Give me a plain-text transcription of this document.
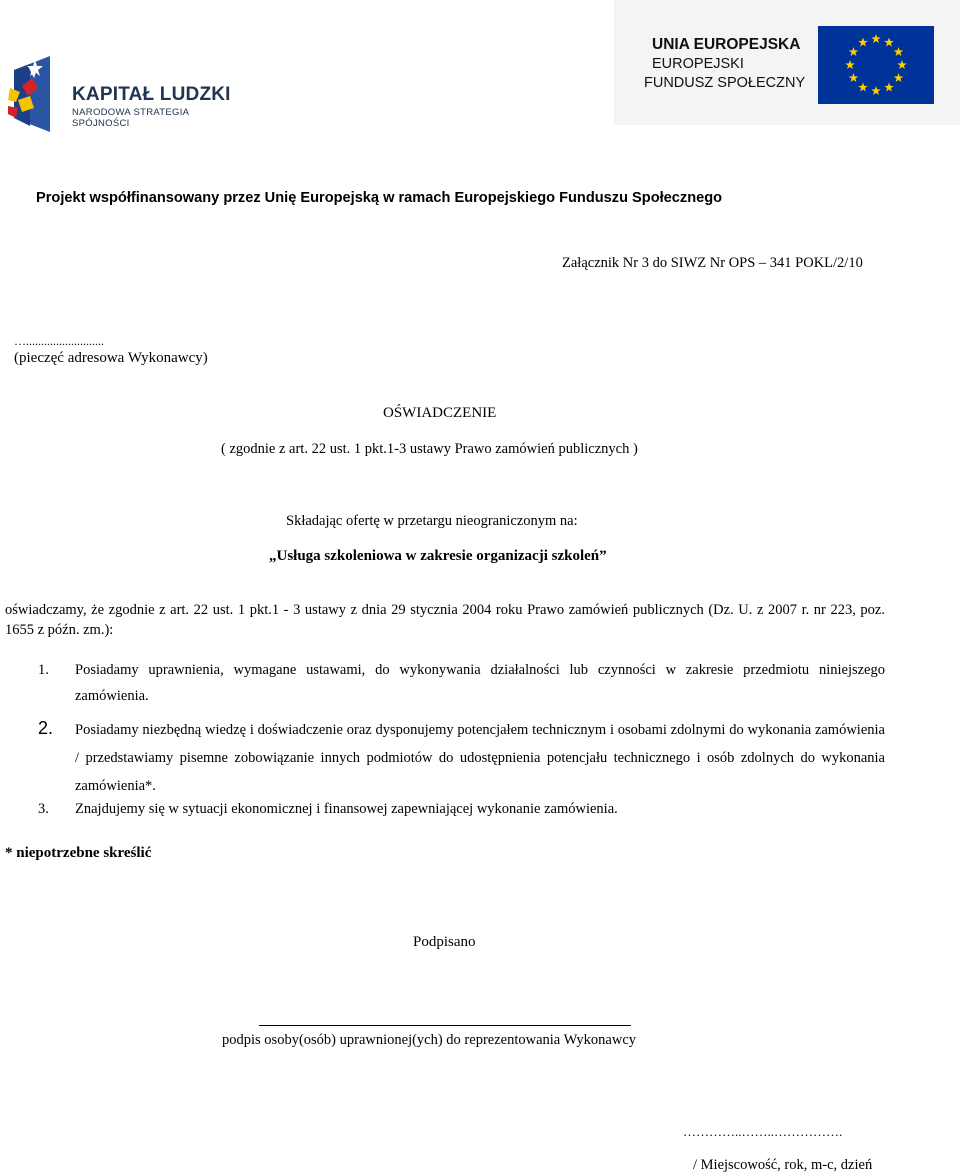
KAPITAŁ LUDZKI
NARODOWA STRATEGIA SPÓJNOŚCI
UNIA EUROPEJSKA
EUROPEJSKI
FUNDUSZ SPOŁECZNY
Projekt współfinansowany przez Unię Europejską w ramach Europejskiego Funduszu Społecznego
Załącznik Nr 3 do SIWZ Nr OPS – 341 POKL/2/10
…..........................
(pieczęć adresowa Wykonawcy)
OŚWIADCZENIE
( zgodnie z art. 22 ust. 1 pkt.1-3 ustawy Prawo zamówień publicznych )
Składając ofertę w przetargu nieograniczonym na:
„Usługa szkoleniowa w zakresie organizacji szkoleń”
oświadczamy, że zgodnie z art. 22 ust. 1 pkt.1 - 3 ustawy z dnia 29 stycznia 2004 roku Prawo zamówień publicznych (Dz. U. z 2007 r. nr 223, poz. 1655 z późn. zm.):
1. Posiadamy uprawnienia, wymagane ustawami, do wykonywania działalności lub czynności w zakresie przedmiotu niniejszego zamówienia.
2. Posiadamy niezbędną wiedzę i doświadczenie oraz dysponujemy potencjałem technicznym i osobami zdolnymi do wykonania zamówienia / przedstawiamy pisemne zobowiązanie innych podmiotów do udostępnienia potencjału technicznego i osób zdolnych do wykonania zamówienia*.
3. Znajdujemy się w sytuacji ekonomicznej i finansowej zapewniającej wykonanie zamówienia.
* niepotrzebne skreślić
Podpisano
podpis osoby(osób) uprawnionej(ych) do reprezentowania Wykonawcy
…………..……..…………….
/ Miejscowość, rok, m-c, dzień
